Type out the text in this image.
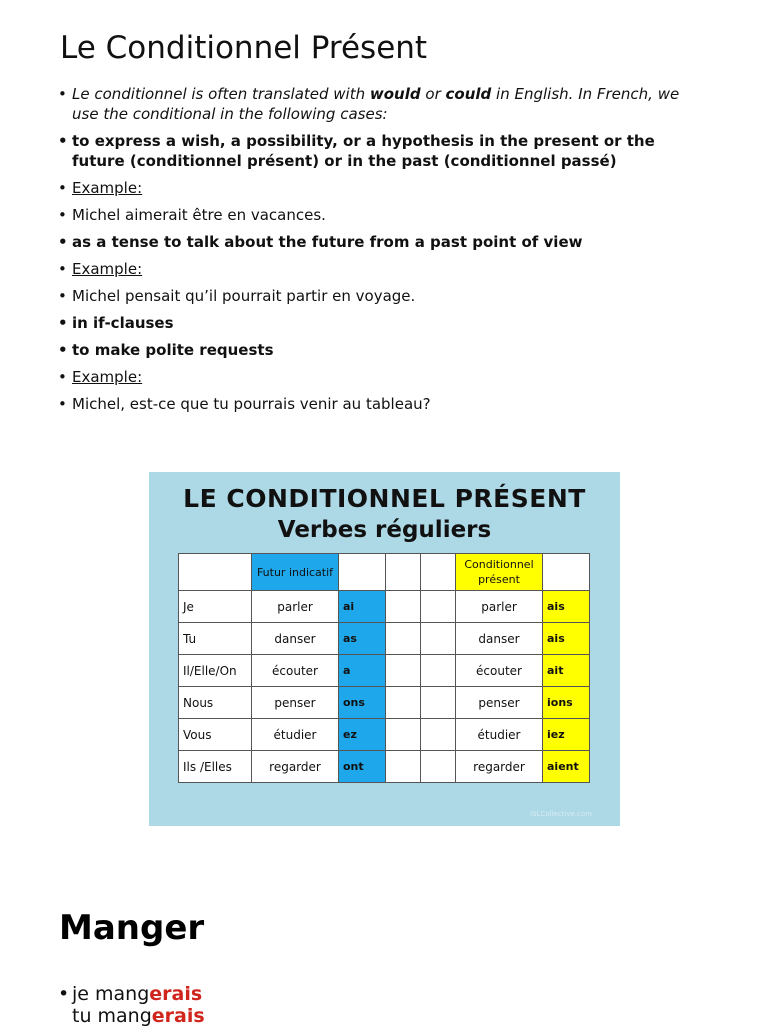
Le Conditionnel Présent
• Le conditionnel is often translated with would or could in English. In French, we use the conditional in the following cases:
• to express a wish, a possibility, or a hypothesis in the present or the future (conditionnel présent) or in the past (conditionnel passé)
• Example:
• Michel aimerait être en vacances.
• as a tense to talk about the future from a past point of view
• Example:
• Michel pensait qu’il pourrait partir en voyage.
• in if-clauses
• to make polite requests
• Example:
• Michel, est-ce que tu pourrais venir au tableau?
LE CONDITIONNEL PRÉSENT
Verbes réguliers
	Futur indicatif				Conditionnel présent	
Je	parler	ai			parler	ais
Tu	danser	as			danser	ais
Il/Elle/On	écouter	a			écouter	ait
Nous	penser	ons			penser	ions
Vous	étudier	ez			étudier	iez
Ils /Elles	regarder	ont			regarder	aient
iSLCollective.com
Manger
• je mangerais
tu mangerais
